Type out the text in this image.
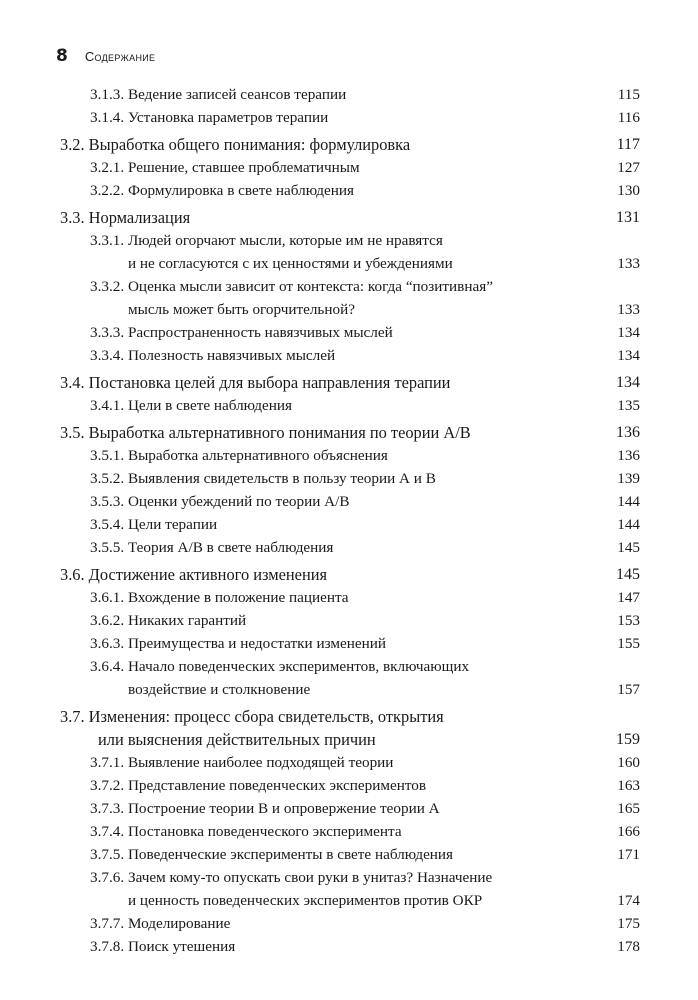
8 Содержание
3.1.3. Ведение записей сеансов терапии	115
3.1.4. Установка параметров терапии	116
3.2. Выработка общего понимания: формулировка	117
3.2.1. Решение, ставшее проблематичным	127
3.2.2. Формулировка в свете наблюдения	130
3.3. Нормализация	131
3.3.1. Людей огорчают мысли, которые им не нравятся
и не согласуются с их ценностями и убеждениями	133
3.3.2. Оценка мысли зависит от контекста: когда “позитивная”
мысль может быть огорчительной?	133
3.3.3. Распространенность навязчивых мыслей	134
3.3.4. Полезность навязчивых мыслей	134
3.4. Постановка целей для выбора направления терапии	134
3.4.1. Цели в свете наблюдения	135
3.5. Выработка альтернативного понимания по теории А/В	136
3.5.1. Выработка альтернативного объяснения	136
3.5.2. Выявления свидетельств в пользу теории А и В	139
3.5.3. Оценки убеждений по теории А/В	144
3.5.4. Цели терапии	144
3.5.5. Теория А/В в свете наблюдения	145
3.6. Достижение активного изменения	145
3.6.1. Вхождение в положение пациента	147
3.6.2. Никаких гарантий	153
3.6.3. Преимущества и недостатки изменений	155
3.6.4. Начало поведенческих экспериментов, включающих
воздействие и столкновение	157
3.7. Изменения: процесс сбора свидетельств, открытия
или выяснения действительных причин	159
3.7.1. Выявление наиболее подходящей теории	160
3.7.2. Представление поведенческих экспериментов	163
3.7.3. Построение теории В и опровержение теории А	165
3.7.4. Постановка поведенческого эксперимента	166
3.7.5. Поведенческие эксперименты в свете наблюдения	171
3.7.6. Зачем кому-то опускать свои руки в унитаз? Назначение
и ценность поведенческих экспериментов против ОКР	174
3.7.7. Моделирование	175
3.7.8. Поиск утешения	178
